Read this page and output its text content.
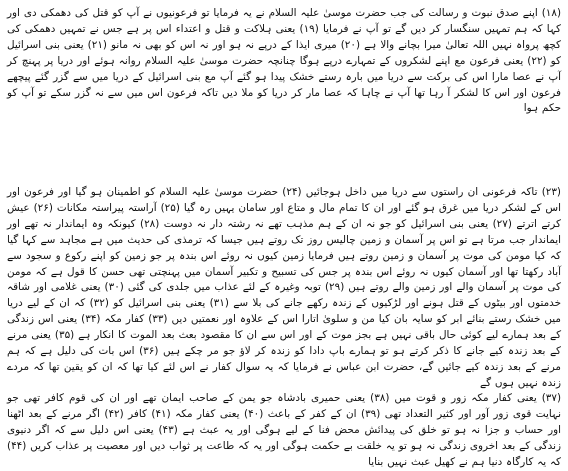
(۱۸) اپنے صدق نبوت و رسالت کی جب حضرت موسیٰ علیہ السلام نے یہ فرمایا تو فرعونیوں نے آپ کو قتل کی دھمکی دی اور کہا کہ ہم تمہیں سنگسار کر دیں گے تو آپ نے فرمایا (۱۹) یعنی ہلاکت و قتل و اعتداء اس پر ہے جس نے تمہیں دھمکی کی کچھ پرواہ نہیں اللہ تعالیٰ میرا بچانے والا ہے (۲۰) میری ایذا کے درپے نہ ہو اور نہ اس کو بھی نہ مانو (۲۱) یعنی بنی اسرائیل کو (۲۲) یعنی فرعون مع اپنے لشکروں کے تمہارے درپے ہوگا چنانچہ حضرت موسیٰ علیہ السلام روانہ ہوئے اور دریا پر پہنچ کر آپ نے عصا مارا اس کی برکت سے دریا میں بارہ رستے خشک پیدا ہو گئے آپ مع بنی اسرائیل کے دریا میں سے گزر گئے پیچھے فرعون اور اس کا لشکر آ رہا تھا آپ نے چاہا کہ عصا مار کر دریا کو ملا دیں تاکہ فرعون اس میں سے نہ گزر سکے تو آپ کو حکم ہوا

(۲۳) تاکہ فرعونی ان راستوں سے دریا میں داخل ہوجائیں (۲۴) حضرت موسیٰ علیہ السلام کو اطمینان ہو گیا اور فرعون اور اس کے لشکر دریا میں غرق ہو گئے اور ان کا تمام مال و متاع اور سامان یہیں رہ گیا (۲۵) آراستہ پیراستہ مکانات (۲۶) عیش کرتے اترتے (۲۷) یعنی بنی اسرائیل کو جو نہ ان کے ہم مذہب تھے نہ رشتہ دار نہ دوست (۲۸) کیونکہ وہ ایماندار نہ تھے اور ایماندار جب مرتا ہے تو اس پر آسمان و زمین چالیس روز تک روتے ہیں جیسا کہ ترمذی کی حدیث میں ہے مجاہد سے کہا گیا کہ کیا مومن کی موت پر آسمان و زمین روتے ہیں فرمایا زمین کیوں نہ روئے اس بندہ پر جو زمین کو اپنے رکوع و سجود سے آباد رکھتا تھا اور آسمان کیوں نہ روئے اس بندہ پر جس کی تسبیح و تکبیر آسمان میں پہنچتی تھی حسن کا قول ہے کہ مومن کی موت پر آسمان والے اور زمین والے روتے ہیں (۲۹) توبہ وغیرہ کے لئے عذاب میں جلدی کی گئی (۳۰) یعنی غلامی اور شاقہ خدمتوں اور بیٹوں کے قتل ہونے اور لڑکیوں کے زندہ رکھے جانے کی بلا سے (۳۱) یعنی بنی اسرائیل کو (۳۲) کہ ان کے لیے دریا میں خشک رستے بنائے ابر کو سایہ بان کیا من و سلویٰ اتارا اس کے علاوہ اور نعمتیں دیں (۳۳) کفار مکہ (۳۴) یعنی اس زندگی کے بعد ہمارے لیے کوئی حال باقی نہیں ہے بجز موت کے اور اس سے ان کا مقصود بعث بعد الموت کا انکار ہے (۳۵) یعنی مرنے کے بعد زندہ کیے جانے کا ذکر کرتے ہو تو ہمارے باپ دادا کو زندہ کر لاؤ جو مر چکے ہیں (۳۶) اس بات کی دلیل ہے کہ ہم مرنے کے بعد زندہ کیے جائیں گے، حضرت ابن عباس نے فرمایا کہ یہ سوال کفار نے اس لئے کیا تھا کہ ان کو یقین تھا کہ مردے زندہ نہیں ہوں گے

(۳۷) یعنی کفار مکہ زور و قوت میں (۳۸) یعنی حمیری بادشاہ جو یمن کے صاحب ایمان تھے اور ان کی قوم کافر تھی جو نہایت قوی زور آور اور کثیر التعداد تھی (۳۹) ان کے کفر کے باعث (۴۰) یعنی کفار مکہ (۴۱) کافر (۴۲) اگر مرنے کے بعد اٹھنا اور حساب و جزا نہ ہو تو خلق کی پیدائش محض فنا کے لیے ہوگی اور یہ عبث ہے (۴۳) یعنی اس دلیل سے کہ اگر دنیوی زندگی کے بعد اخروی زندگی نہ ہو تو یہ خلقت بے حکمت ہوگی اور یہ کہ طاعت پر ثواب دیں اور معصیت پر عذاب کریں (۴۴) کہ یہ کارگاہ دنیا ہم نے کھیل عبث نہیں بنایا
